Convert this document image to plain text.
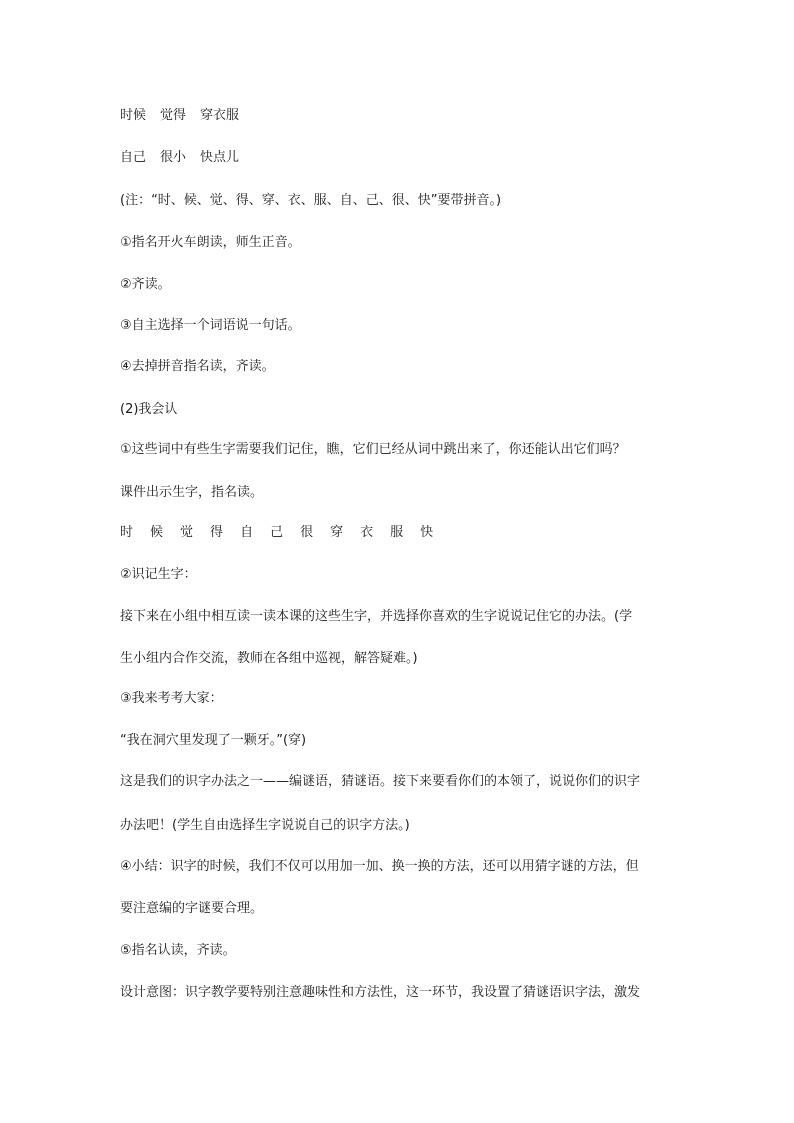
时候 觉得 穿衣服
自己 很小 快点儿
(注：“时、候、觉、得、穿、衣、服、自、己、很、快”要带拼音。)
①指名开火车朗读，师生正音。
②齐读。
③自主选择一个词语说一句话。
④去掉拼音指名读，齐读。
(2)我会认
①这些词中有些生字需要我们记住，瞧，它们已经从词中跳出来了，你还能认出它们吗？
课件出示生字，指名读。
时 候 觉 得 自 己 很 穿 衣 服 快
②识记生字：
接下来在小组中相互读一读本课的这些生字，并选择你喜欢的生字说说记住它的办法。(学
生小组内合作交流，教师在各组中巡视，解答疑难。)
③我来考考大家：
“我在洞穴里发现了一颗牙。”(穿)
这是我们的识字办法之一——编谜语，猜谜语。接下来要看你们的本领了，说说你们的识字
办法吧！(学生自由选择生字说说自己的识字方法。)
④小结：识字的时候，我们不仅可以用加一加、换一换的方法，还可以用猜字谜的方法，但
要注意编的字谜要合理。
⑤指名认读，齐读。
设计意图：识字教学要特别注意趣味性和方法性，这一环节，我设置了猜谜语识字法，激发
